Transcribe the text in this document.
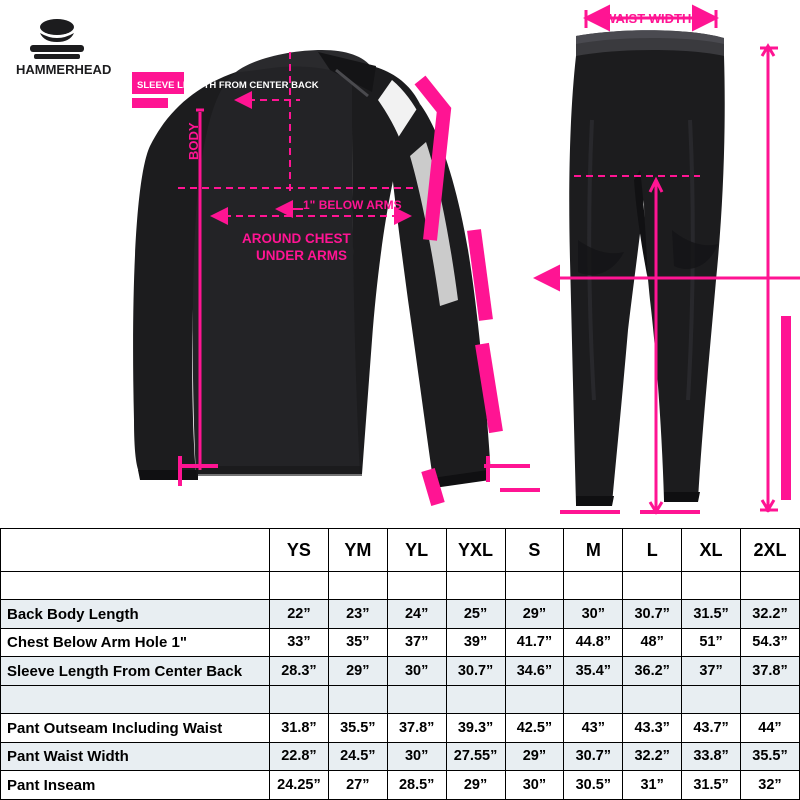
HAMMERHEAD
SLEEVE LENGTH FROM CENTER BACK
BODY
1" BELOW ARMS
AROUND CHEST
UNDER ARMS
WAIST WIDTH
	YS	YM	YL	YXL	S	M	L	XL	2XL

Back Body Length	22”	23”	24”	25”	29”	30”	30.7”	31.5”	32.2”
Chest Below Arm Hole 1"	33”	35”	37”	39”	41.7”	44.8”	48”	51”	54.3”
Sleeve Length From Center Back	28.3”	29”	30”	30.7”	34.6”	35.4”	36.2”	37”	37.8”

Pant Outseam Including Waist	31.8”	35.5”	37.8”	39.3”	42.5”	43”	43.3”	43.7”	44”
Pant Waist Width	22.8”	24.5”	30”	27.55”	29”	30.7”	32.2”	33.8”	35.5”
Pant Inseam	24.25”	27”	28.5”	29”	30”	30.5”	31”	31.5”	32”
